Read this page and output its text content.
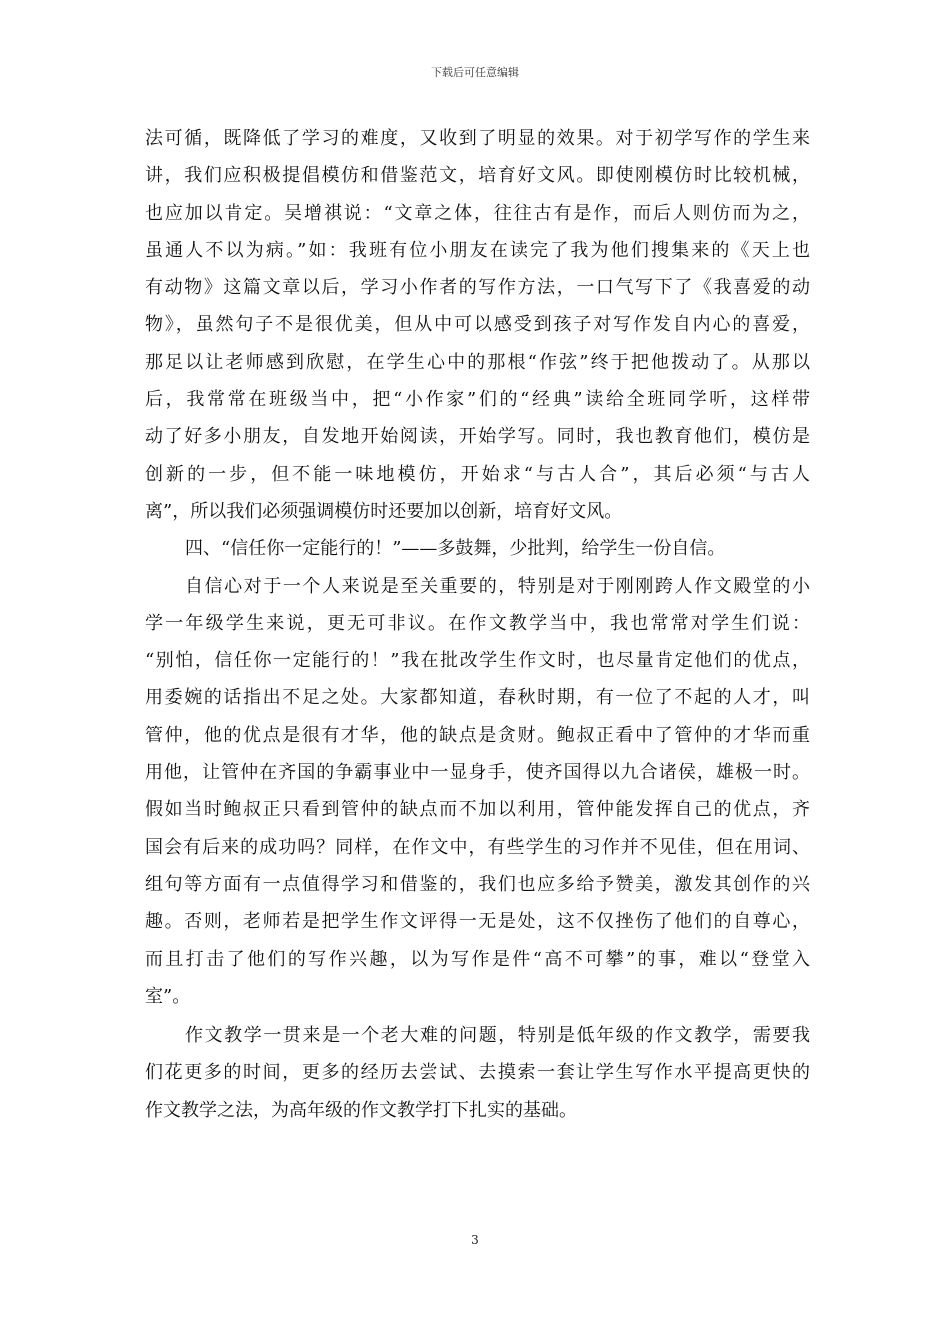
下载后可任意编辑
法可循，既降低了学习的难度，又收到了明显的效果。对于初学写作的学生来
讲，我们应积极提倡模仿和借鉴范文，培育好文风。即使刚模仿时比较机械，
也应加以肯定。吴增祺说：“文章之体，往往古有是作，而后人则仿而为之，
虽通人不以为病。”如：我班有位小朋友在读完了我为他们搜集来的《天上也
有动物》这篇文章以后，学习小作者的写作方法，一口气写下了《我喜爱的动
物》，虽然句子不是很优美，但从中可以感受到孩子对写作发自内心的喜爱，
那足以让老师感到欣慰，在学生心中的那根“作弦”终于把他拨动了。从那以
后，我常常在班级当中，把“小作家”们的“经典”读给全班同学听，这样带
动了好多小朋友，自发地开始阅读，开始学写。同时，我也教育他们，模仿是
创新的一步，但不能一味地模仿，开始求“与古人合”，其后必须“与古人
离”，所以我们必须强调模仿时还要加以创新，培育好文风。
四、“信任你一定能行的！”——多鼓舞，少批判，给学生一份自信。
自信心对于一个人来说是至关重要的，特别是对于刚刚跨人作文殿堂的小
学一年级学生来说，更无可非议。在作文教学当中，我也常常对学生们说：
“别怕，信任你一定能行的！”我在批改学生作文时，也尽量肯定他们的优点，
用委婉的话指出不足之处。大家都知道，春秋时期，有一位了不起的人才，叫
管仲，他的优点是很有才华，他的缺点是贪财。鲍叔正看中了管仲的才华而重
用他，让管仲在齐国的争霸事业中一显身手，使齐国得以九合诸侯，雄极一时。
假如当时鲍叔正只看到管仲的缺点而不加以利用，管仲能发挥自己的优点，齐
国会有后来的成功吗？同样，在作文中，有些学生的习作并不见佳，但在用词、
组句等方面有一点值得学习和借鉴的，我们也应多给予赞美，激发其创作的兴
趣。否则，老师若是把学生作文评得一无是处，这不仅挫伤了他们的自尊心，
而且打击了他们的写作兴趣，以为写作是件“高不可攀”的事，难以“登堂入
室”。
作文教学一贯来是一个老大难的问题，特别是低年级的作文教学，需要我
们花更多的时间，更多的经历去尝试、去摸索一套让学生写作水平提高更快的
作文教学之法，为高年级的作文教学打下扎实的基础。
3
